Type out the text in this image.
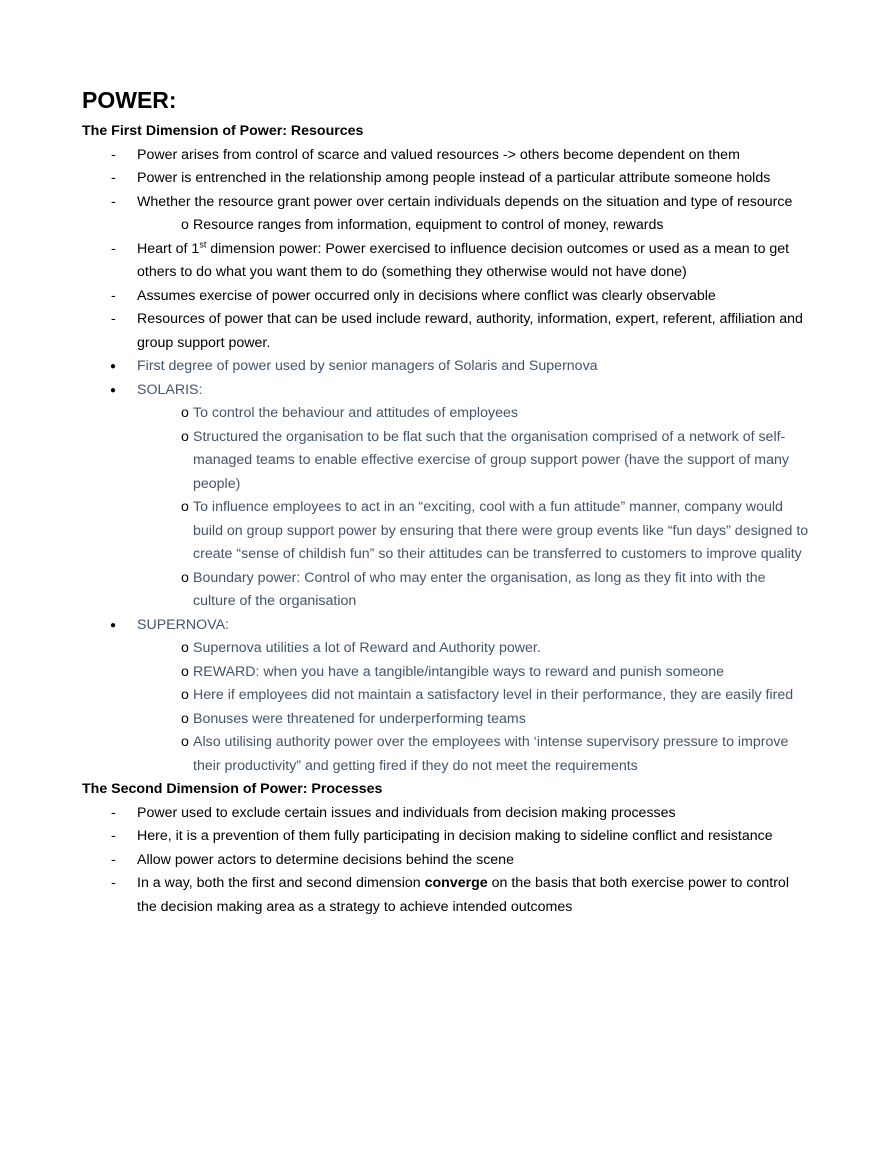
POWER:
The First Dimension of Power: Resources
- Power arises from control of scarce and valued resources -> others become dependent on them
- Power is entrenched in the relationship among people instead of a particular attribute someone holds
- Whether the resource grant power over certain individuals depends on the situation and type of resource
o Resource ranges from information, equipment to control of money, rewards
- Heart of 1st dimension power: Power exercised to influence decision outcomes or used as a mean to get others to do what you want them to do (something they otherwise would not have done)
- Assumes exercise of power occurred only in decisions where conflict was clearly observable
- Resources of power that can be used include reward, authority, information, expert, referent, affiliation and group support power.
● First degree of power used by senior managers of Solaris and Supernova
● SOLARIS:
o To control the behaviour and attitudes of employees
o Structured the organisation to be flat such that the organisation comprised of a network of self-managed teams to enable effective exercise of group support power (have the support of many people)
o To influence employees to act in an “exciting, cool with a fun attitude” manner, company would build on group support power by ensuring that there were group events like “fun days” designed to create “sense of childish fun” so their attitudes can be transferred to customers to improve quality
o Boundary power: Control of who may enter the organisation, as long as they fit into with the culture of the organisation
● SUPERNOVA:
o Supernova utilities a lot of Reward and Authority power.
o REWARD: when you have a tangible/intangible ways to reward and punish someone
o Here if employees did not maintain a satisfactory level in their performance, they are easily fired
o Bonuses were threatened for underperforming teams
o Also utilising authority power over the employees with ‘intense supervisory pressure to improve their productivity” and getting fired if they do not meet the requirements
The Second Dimension of Power: Processes
- Power used to exclude certain issues and individuals from decision making processes
- Here, it is a prevention of them fully participating in decision making to sideline conflict and resistance
- Allow power actors to determine decisions behind the scene
- In a way, both the first and second dimension converge on the basis that both exercise power to control the decision making area as a strategy to achieve intended outcomes
